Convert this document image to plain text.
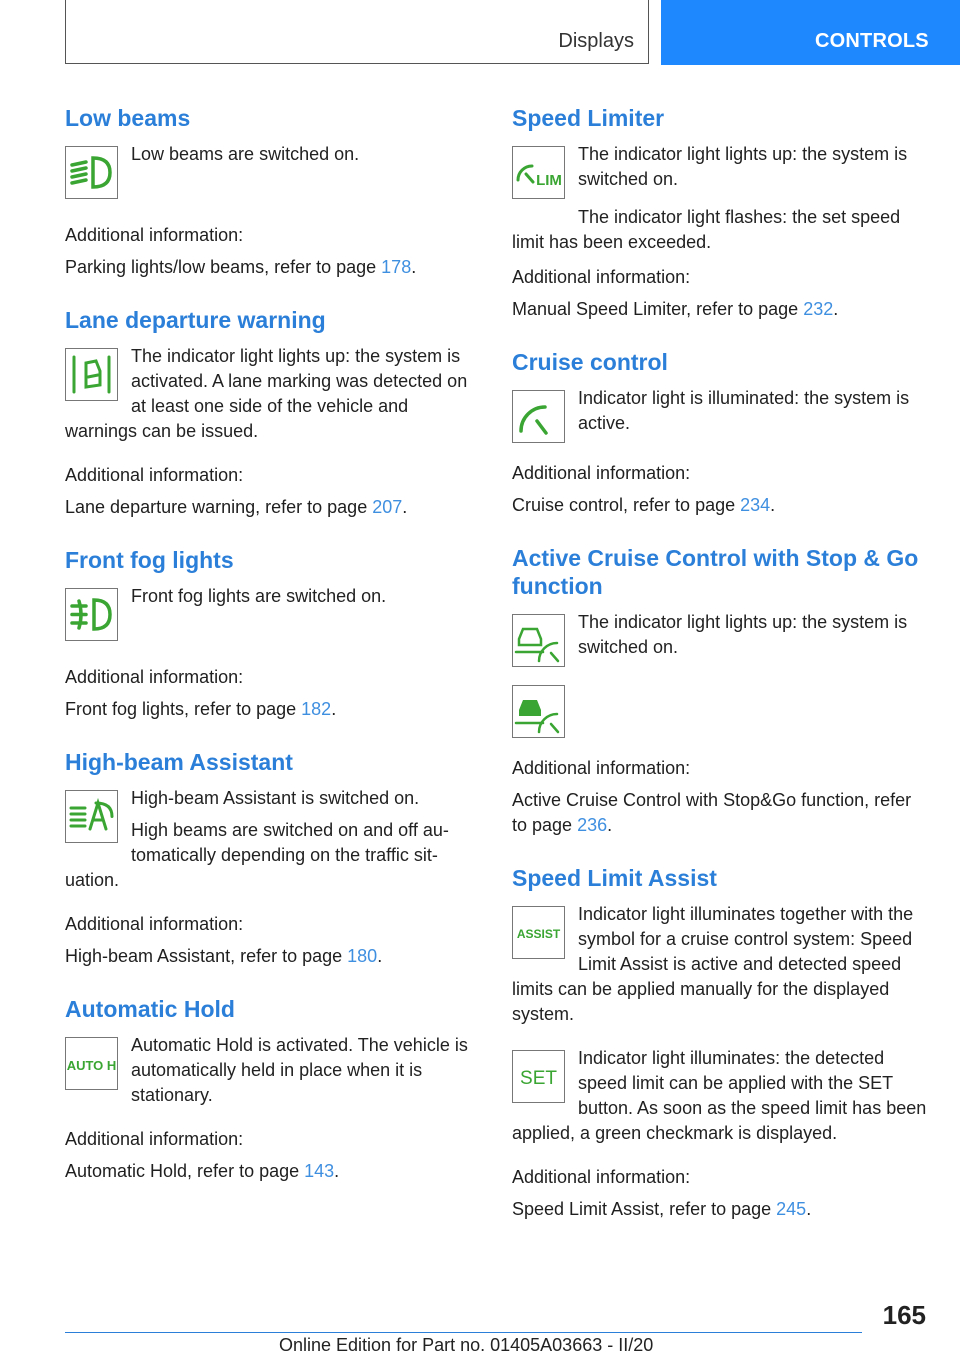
Displays	CONTROLS
Low beams

Low beams are switched on.

Additional information:

Parking lights/low beams, refer to page 178.

Lane departure warning

The indicator light lights up: the system is activated. A lane marking was detected on at least one side of the vehicle and warnings can be issued.

Additional information:

Lane departure warning, refer to page 207.

Front fog lights

Front fog lights are switched on.

Additional information:

Front fog lights, refer to page 182.

High-beam Assistant

High-beam Assistant is switched on.

High beams are switched on and off automatically depending on the traffic situation.

Additional information:

High-beam Assistant, refer to page 180.

Automatic Hold
AUTO H

Automatic Hold is activated. The vehicle is automatically held in place when it is stationary.

Additional information:

Automatic Hold, refer to page 143.

Speed Limiter
LIM

The indicator light lights up: the system is switched on.

The indicator light flashes: the set speed limit has been exceeded.

Additional information:

Manual Speed Limiter, refer to page 232.

Cruise control

Indicator light is illuminated: the system is active.

Additional information:

Cruise control, refer to page 234.

Active Cruise Control with Stop & Go function

The indicator light lights up: the system is switched on.

Additional information:

Active Cruise Control with Stop&Go function, refer to page 236.

Speed Limit Assist
ASSIST

Indicator light illuminates together with the symbol for a cruise control system: Speed Limit Assist is active and detected speed limits can be applied manually for the displayed system.

SET

Indicator light illuminates: the detected speed limit can be applied with the SET button. As soon as the speed limit has been applied, a green checkmark is displayed.

Additional information:

Speed Limit Assist, refer to page 245.

165
Online Edition for Part no. 01405A03663 - II/20
